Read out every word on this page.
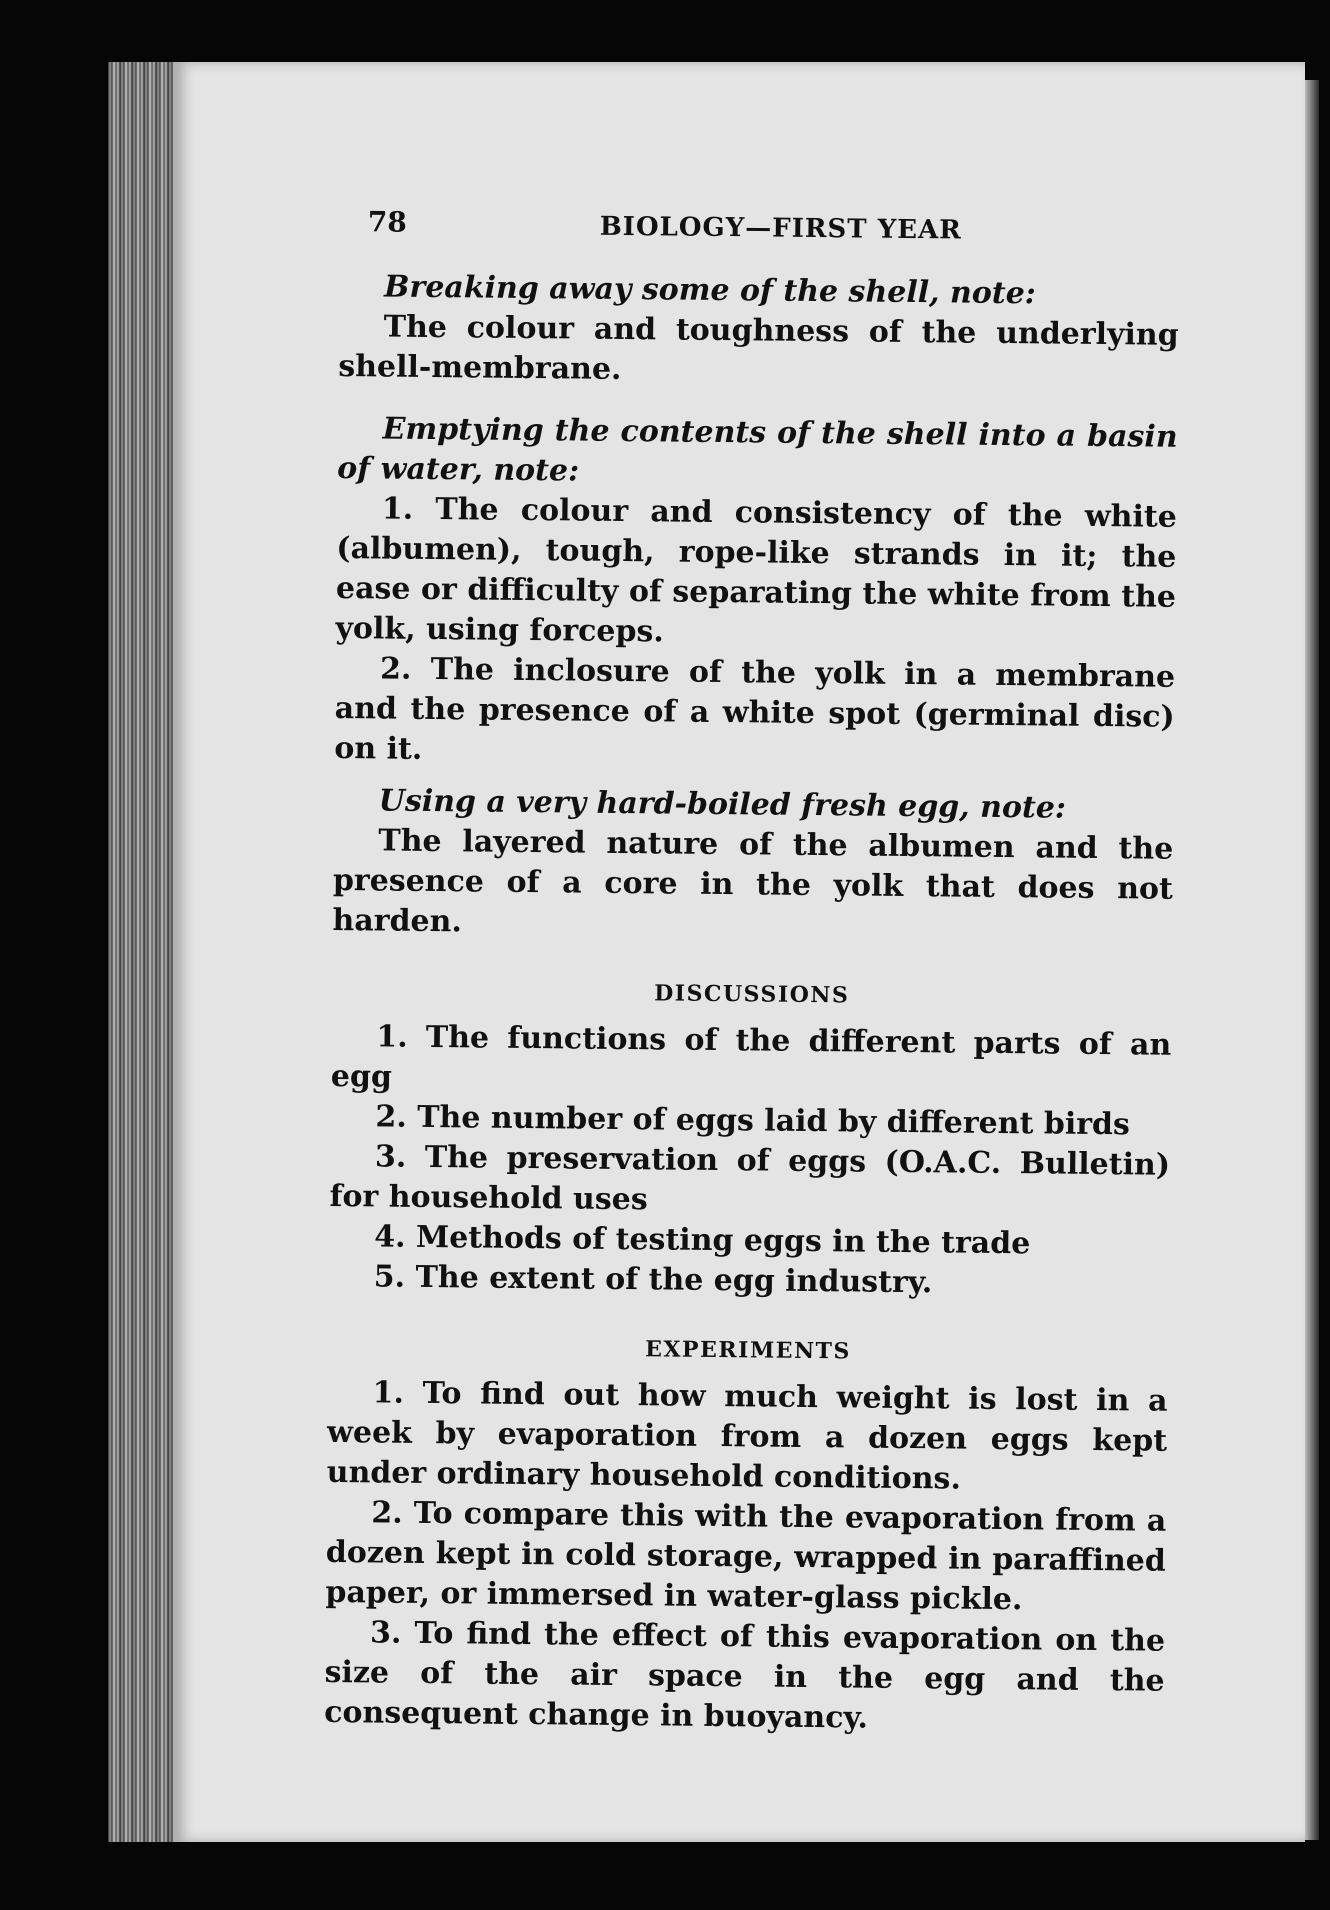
78	BIOLOGY—FIRST YEAR

Breaking away some of the shell, note:

The colour and toughness of the underlying shell-membrane.

Emptying the contents of the shell into a basin of water, note:

1. The colour and consistency of the white (albumen), tough, rope-like strands in it; the ease or difficulty of separating the white from the yolk, using forceps.

2. The inclosure of the yolk in a membrane and the presence of a white spot (germinal disc) on it.

Using a very hard-boiled fresh egg, note:

The layered nature of the albumen and the presence of a core in the yolk that does not harden.

DISCUSSIONS

1. The functions of the different parts of an egg

2. The number of eggs laid by different birds

3. The preservation of eggs (O.A.C. Bulletin) for household uses

4. Methods of testing eggs in the trade

5. The extent of the egg industry.

EXPERIMENTS

1. To find out how much weight is lost in a week by evaporation from a dozen eggs kept under ordinary household conditions.

2. To compare this with the evaporation from a dozen kept in cold storage, wrapped in paraffined paper, or immersed in water-glass pickle.

3. To find the effect of this evaporation on the size of the air space in the egg and the consequent change in buoyancy.
